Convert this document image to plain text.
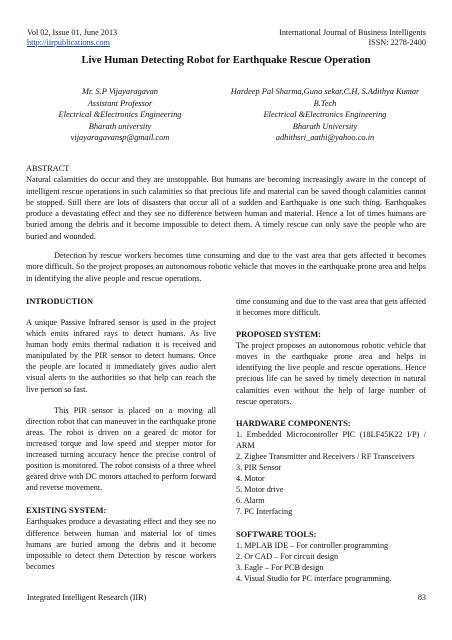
Vol 02, Issue 01, June 2013
http://iirpublications.com
International Journal of Business Intelligents
ISSN: 2278-2400
Live Human Detecting Robot for Earthquake Rescue Operation
Mr. S.P Vijayaragavan
Assistant Professor
Electrical &Electronics Engineering
Bharath university
vijayaragavansp@gmail.com
Hardeep Pal Sharma,Guna sekar.C.H, S.Adithya Kumar
B.Tech
Electrical &Electronics Engineering
Bharath University
adhithsri_aathi@yahoo.co.in

ABSTRACT

Natural calamities do occur and they are unstoppable. But humans are becoming increasingly aware in the concept of intelligent rescue operations in such calamities so that precious life and material can be saved though calamities cannot be stopped. Still there are lots of disasters that occur all of a sudden and Earthquake is one such thing. Earthquakes produce a devastating effect and they see no difference between human and material. Hence a lot of times humans are buried among the debris and it become impossible to detect them. A timely rescue can only save the people who are buried and wounded.

Detection by rescue workers becomes time consuming and due to the vast area that gets affected it becomes more difficult. So the project proposes an autonomous robotic vehicle that moves in the earthquake prone area and helps in identifying the alive people and rescue operations.

INTRODUCTION

A unique Passive Infrared sensor is used in the project which emits infrared rays to detect humans. As live human body emits thermal radiation it is received and manipulated by the PIR sensor to detect humans. Once the people are located it immediately gives audio alert visual alerts to the authorities so that help can reach the live person so fast.

This PIR sensor is placed on a moving all direction robot that can maneuver in the earthquake prone areas. The robot is driven on a geared dc motor for increased torque and low speed and stepper motor for increased turning accuracy hence the precise control of position is monitored. The robot consists of a three wheel geared drive with DC motors attached to perform forward and reverse movement.

EXISTING SYSTEM:

Earthquakes produce a devastating effect and they see no difference between human and material lot of times humans are buried among the debris and it become impossible to detect them Detection by rescue workers becomes

time consuming and due to the vast area that gets affected it becomes more difficult.

PROPOSED SYSTEM:

The project proposes an autonomous robotic vehicle that moves in the earthquake prone area and helps in identifying the live people and rescue operations. Hence precious life can be saved by timely detection in natural calamities even without the help of large number of rescue operators.

HARDWARE COMPONENTS:
1. Embedded Microcontroller PIC (18LF45K22 I/P) / ARM
2. Zigbee Transmitter and Receivers / RF Transceivers
3. PIR Sensor
4. Motor
5. Motor drive
6. Alarm
7. PC Interfacing
SOFTWARE TOOLS:
1. MPLAB IDE – For controller programming
2. Or CAD – For circuit design
3. Eagle – For PCB design
4. Visual Studio for PC interface programming.
Integrated Intelligent Research (IIR)	83
